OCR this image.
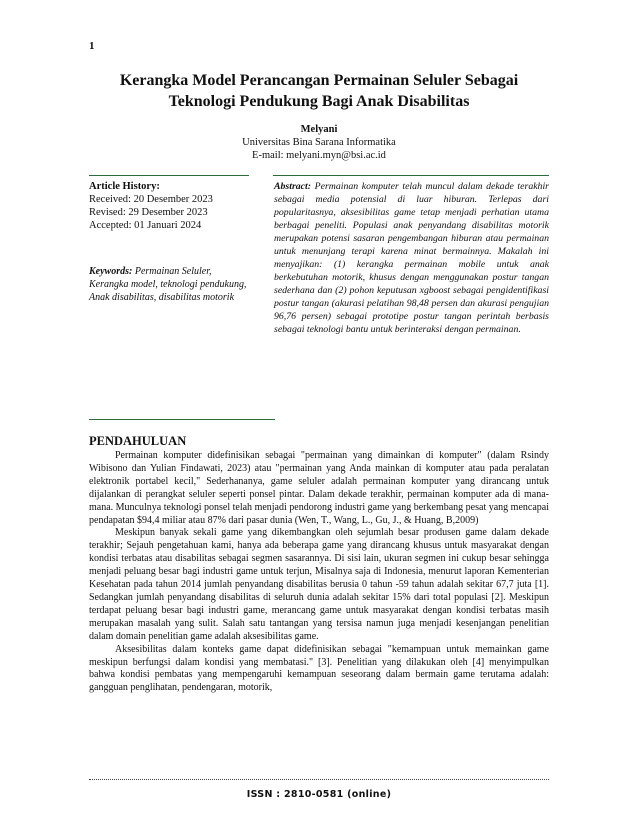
1
Kerangka Model Perancangan Permainan Seluler Sebagai Teknologi Pendukung Bagi Anak Disabilitas
Melyani
Universitas Bina Sarana Informatika
E-mail: melyani.myn@bsi.ac.id
Article History:
Received: 20 Desember 2023
Revised: 29 Desember 2023
Accepted: 01 Januari 2024
Keywords: Permainan Seluler, Kerangka model, teknologi pendukung, Anak disabilitas, disabilitas motorik
Abstract: Permainan komputer telah muncul dalam dekade terakhir sebagai media potensial di luar hiburan. Terlepas dari popularitasnya, aksesibilitas game tetap menjadi perhatian utama berbagai peneliti. Populasi anak penyandang disabilitas motorik merupakan potensi sasaran pengembangan hiburan atau permainan untuk menunjang terapi karena minat bermainnya. Makalah ini menyajikan: (1) kerangka permainan mobile untuk anak berkebutuhan motorik, khusus dengan menggunakan postur tangan sederhana dan (2) pohon keputusan xgboost sebagai pengidentifikasi postur tangan (akurasi pelatihan 98,48 persen dan akurasi pengujian 96,76 persen) sebagai prototipe postur tangan perintah berbasis sebagai teknologi bantu untuk berinteraksi dengan permainan.
PENDAHULUAN

Permainan komputer didefinisikan sebagai "permainan yang dimainkan di komputer" (dalam Rsindy Wibisono dan Yulian Findawati, 2023) atau "permainan yang Anda mainkan di komputer atau pada peralatan elektronik portabel kecil," Sederhananya, game seluler adalah permainan komputer yang dirancang untuk dijalankan di perangkat seluler seperti ponsel pintar. Dalam dekade terakhir, permainan komputer ada di mana-mana. Munculnya teknologi ponsel telah menjadi pendorong industri game yang berkembang pesat yang mencapai pendapatan $94,4 miliar atau 87% dari pasar dunia (Wen, T., Wang, L., Gu, J., & Huang, B,2009)

Meskipun banyak sekali game yang dikembangkan oleh sejumlah besar produsen game dalam dekade terakhir; Sejauh pengetahuan kami, hanya ada beberapa game yang dirancang khusus untuk masyarakat dengan kondisi terbatas atau disabilitas sebagai segmen sasarannya. Di sisi lain, ukuran segmen ini cukup besar sehingga menjadi peluang besar bagi industri game untuk terjun, Misalnya saja di Indonesia, menurut laporan Kementerian Kesehatan pada tahun 2014 jumlah penyandang disabilitas berusia 0 tahun -59 tahun adalah sekitar 67,7 juta [1]. Sedangkan jumlah penyandang disabilitas di seluruh dunia adalah sekitar 15% dari total populasi [2]. Meskipun terdapat peluang besar bagi industri game, merancang game untuk masyarakat dengan kondisi terbatas masih merupakan masalah yang sulit. Salah satu tantangan yang tersisa namun juga menjadi kesenjangan penelitian dalam domain penelitian game adalah aksesibilitas game.

Aksesibilitas dalam konteks game dapat didefinisikan sebagai "kemampuan untuk memainkan game meskipun berfungsi dalam kondisi yang membatasi." [3]. Penelitian yang dilakukan oleh [4] menyimpulkan bahwa kondisi pembatas yang mempengaruhi kemampuan seseorang dalam bermain game terutama adalah: gangguan penglihatan, pendengaran, motorik,

ISSN : 2810-0581 (online)
